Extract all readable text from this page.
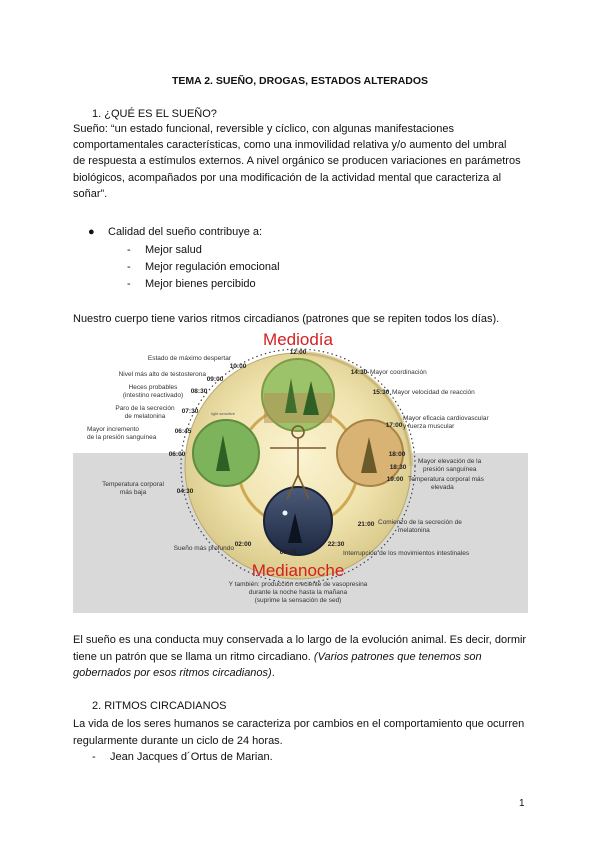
TEMA 2. SUEÑO, DROGAS, ESTADOS ALTERADOS
1. ¿QUÉ ES EL SUEÑO?
Sueño: “un estado funcional, reversible y cíclico, con algunas manifestaciones
comportamentales características, como una inmovilidad relativa y/o aumento del umbral
de respuesta a estímulos externos. A nivel orgánico se producen variaciones en parámetros
biológicos, acompañados por una modificación de la actividad mental que caracteriza al
soñar”.
● Calidad del sueño contribuye a:
- Mejor salud
- Mejor regulación emocional
- Mejor bienes percibido
Nuestro cuerpo tiene varios ritmos circadianos (patrones que se repiten todos los días).
Mediodía
Medianoche
light sensitive
12:00
10:00
09:00
08:30
07:30
06:45
06:00
04:30
02:00
00:00
22:30
21:00
19:00
18:30
18:00
17:00
15:30
14:30
Estado de máximo despertar
Nivel más alto de testosterona
Heces probables
(intestino reactivado)
Paro de la secreción
de melatonina
Mayor incremento
de la presión sanguínea
Temperatura corporal
más baja
Sueño más profundo
Mayor coordinación
Mayor velocidad de reacción
Mayor eficacia cardiovascular
y fuerza muscular
Mayor elevación de la
presión sanguínea
Temperatura corporal más
elevada
Comienzo de la secreción de
melatonina
Interrupción de los movimientos intestinales
Y también: producción creciente de vasopresina
durante la noche hasta la mañana
(suprime la sensación de sed)
El sueño es una conducta muy conservada a lo largo de la evolución animal. Es decir, dormir
tiene un patrón que se llama un ritmo circadiano. (Varios patrones que tenemos son
gobernados por esos ritmos circadianos).
2. RITMOS CIRCADIANOS
La vida de los seres humanos se caracteriza por cambios en el comportamiento que ocurren
regularmente durante un ciclo de 24 horas.
- Jean Jacques d´Ortus de Marian.
1
